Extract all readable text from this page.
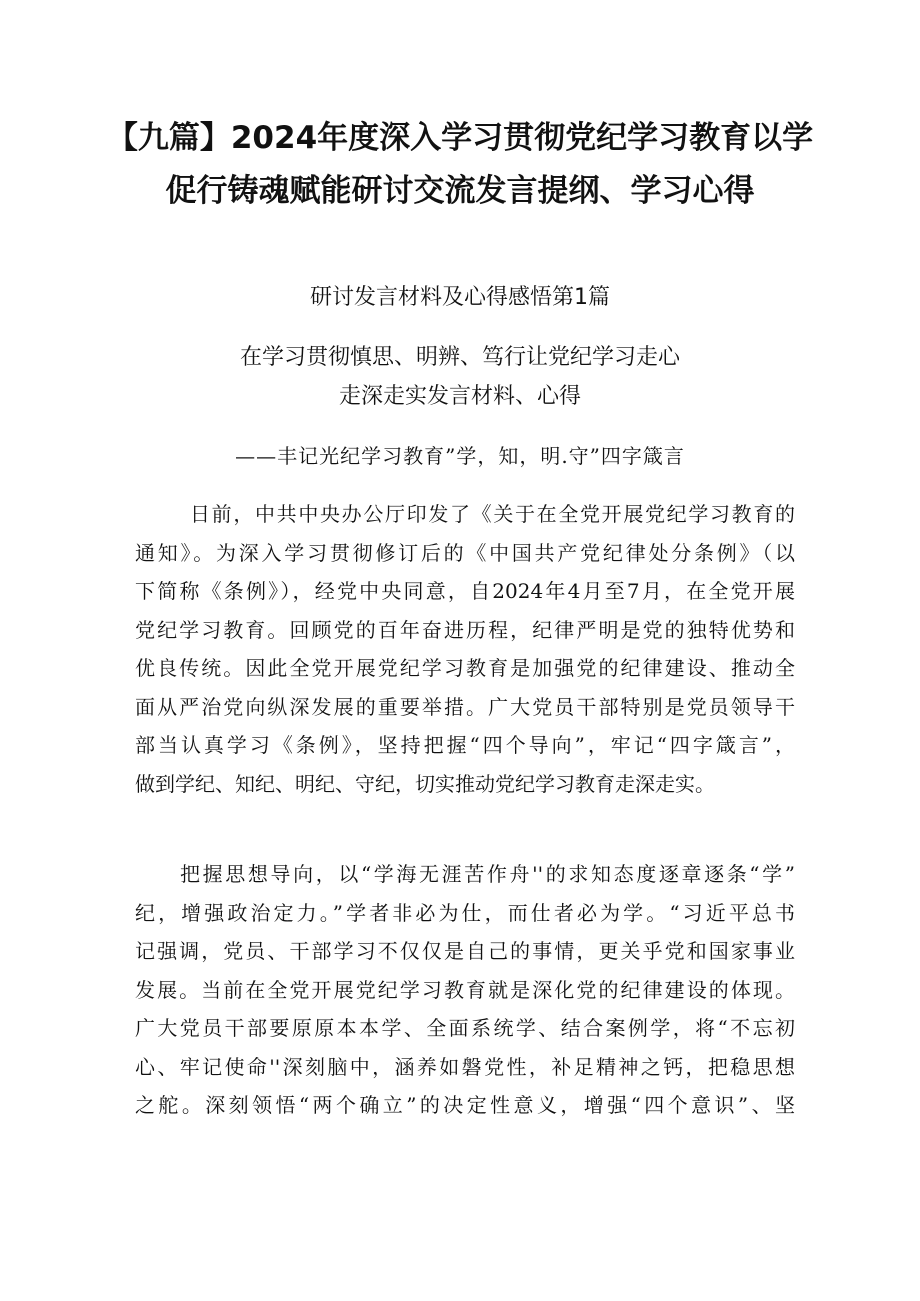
【九篇】2024年度深入学习贯彻党纪学习教育以学
促行铸魂赋能研讨交流发言提纲、学习心得
研讨发言材料及心得感悟第1篇
在学习贯彻慎思、明辨、笃行让党纪学习走心
走深走实发言材料、心得
——丰记光纪学习教育”学，知，明.守”四字箴言
日前，中共中央办公厅印发了《关于在全党开展党纪学习教育的
通知》。为深入学习贯彻修订后的《中国共产党纪律处分条例》（以
下简称《条例》），经党中央同意，自2024年4月至7月，在全党开展
党纪学习教育。回顾党的百年奋进历程，纪律严明是党的独特优势和
优良传统。因此全党开展党纪学习教育是加强党的纪律建设、推动全
面从严治党向纵深发展的重要举措。广大党员干部特别是党员领导干
部当认真学习《条例》，坚持把握“四个导向”，牢记“四字箴言”，
做到学纪、知纪、明纪、守纪，切实推动党纪学习教育走深走实。
把握思想导向，以“学海无涯苦作舟''的求知态度逐章逐条“学”
纪，增强政治定力。”学者非必为仕，而仕者必为学。“习近平总书
记强调，党员、干部学习不仅仅是自己的事情，更关乎党和国家事业
发展。当前在全党开展党纪学习教育就是深化党的纪律建设的体现。
广大党员干部要原原本本学、全面系统学、结合案例学，将“不忘初
心、牢记使命''深刻脑中，涵养如磐党性，补足精神之钙，把稳思想
之舵。深刻领悟“两个确立”的决定性意义，增强“四个意识”、坚
